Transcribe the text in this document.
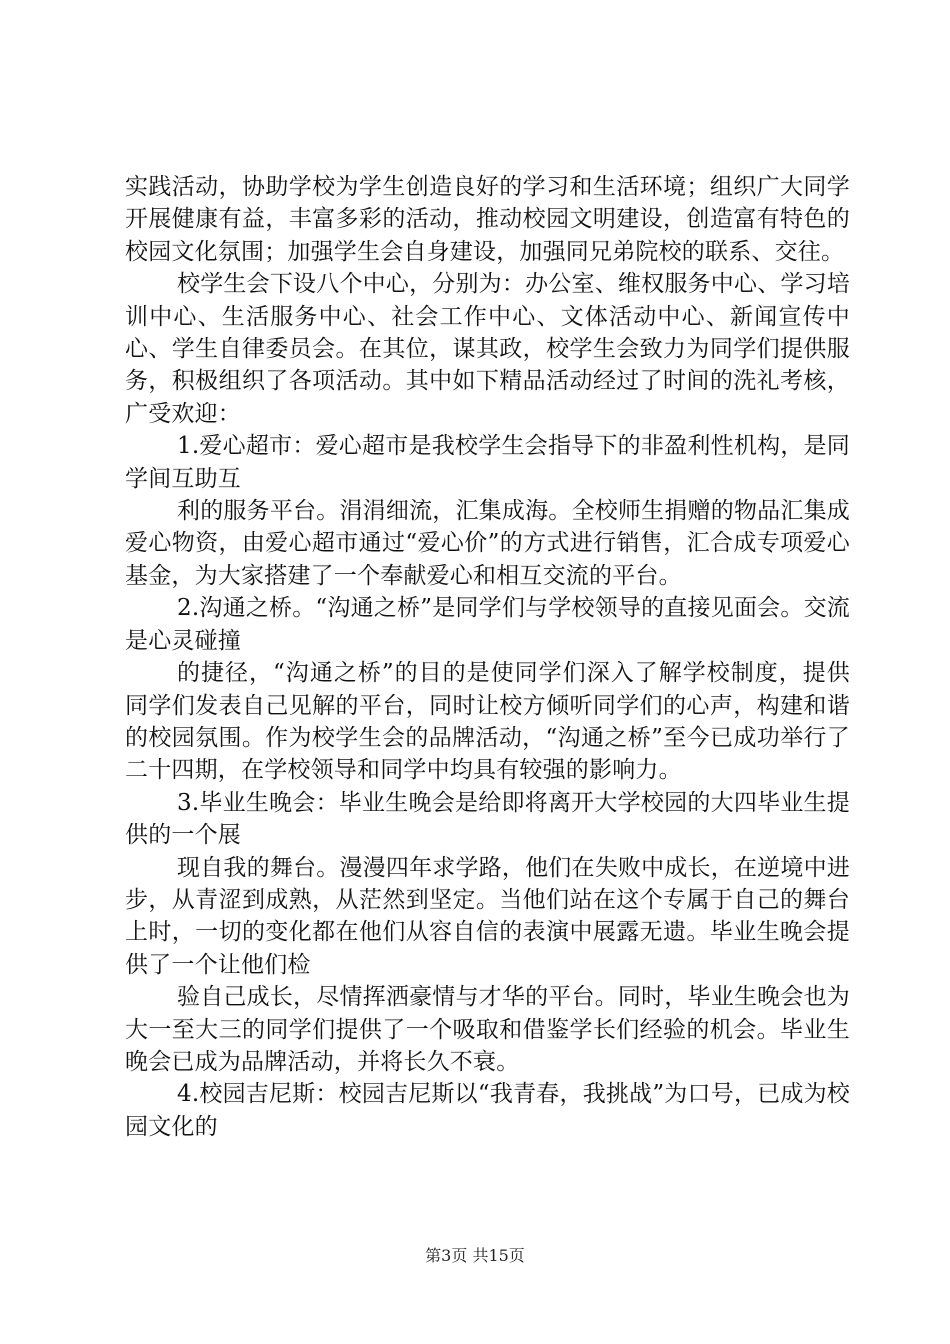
实践活动，协助学校为学生创造良好的学习和生活环境；组织广大同学开展健康有益，丰富多彩的活动，推动校园文明建设，创造富有特色的校园文化氛围；加强学生会自身建设，加强同兄弟院校的联系、交往。

校学生会下设八个中心，分别为：办公室、维权服务中心、学习培训中心、生活服务中心、社会工作中心、文体活动中心、新闻宣传中心、学生自律委员会。在其位，谋其政，校学生会致力为同学们提供服务，积极组织了各项活动。其中如下精品活动经过了时间的洗礼考核，广受欢迎：

1.爱心超市：爱心超市是我校学生会指导下的非盈利性机构，是同学间互助互

利的服务平台。涓涓细流，汇集成海。全校师生捐赠的物品汇集成爱心物资，由爱心超市通过“爱心价”的方式进行销售，汇合成专项爱心基金，为大家搭建了一个奉献爱心和相互交流的平台。

2.沟通之桥。“沟通之桥”是同学们与学校领导的直接见面会。交流是心灵碰撞

的捷径，“沟通之桥”的目的是使同学们深入了解学校制度，提供同学们发表自己见解的平台，同时让校方倾听同学们的心声，构建和谐的校园氛围。作为校学生会的品牌活动，“沟通之桥”至今已成功举行了二十四期，在学校领导和同学中均具有较强的影响力。

3.毕业生晚会：毕业生晚会是给即将离开大学校园的大四毕业生提供的一个展

现自我的舞台。漫漫四年求学路，他们在失败中成长，在逆境中进步，从青涩到成熟，从茫然到坚定。当他们站在这个专属于自己的舞台上时，一切的变化都在他们从容自信的表演中展露无遗。毕业生晚会提供了一个让他们检

验自己成长，尽情挥洒豪情与才华的平台。同时，毕业生晚会也为大一至大三的同学们提供了一个吸取和借鉴学长们经验的机会。毕业生晚会已成为品牌活动，并将长久不衰。

4.校园吉尼斯：校园吉尼斯以“我青春，我挑战”为口号，已成为校园文化的

第3页 共15页
